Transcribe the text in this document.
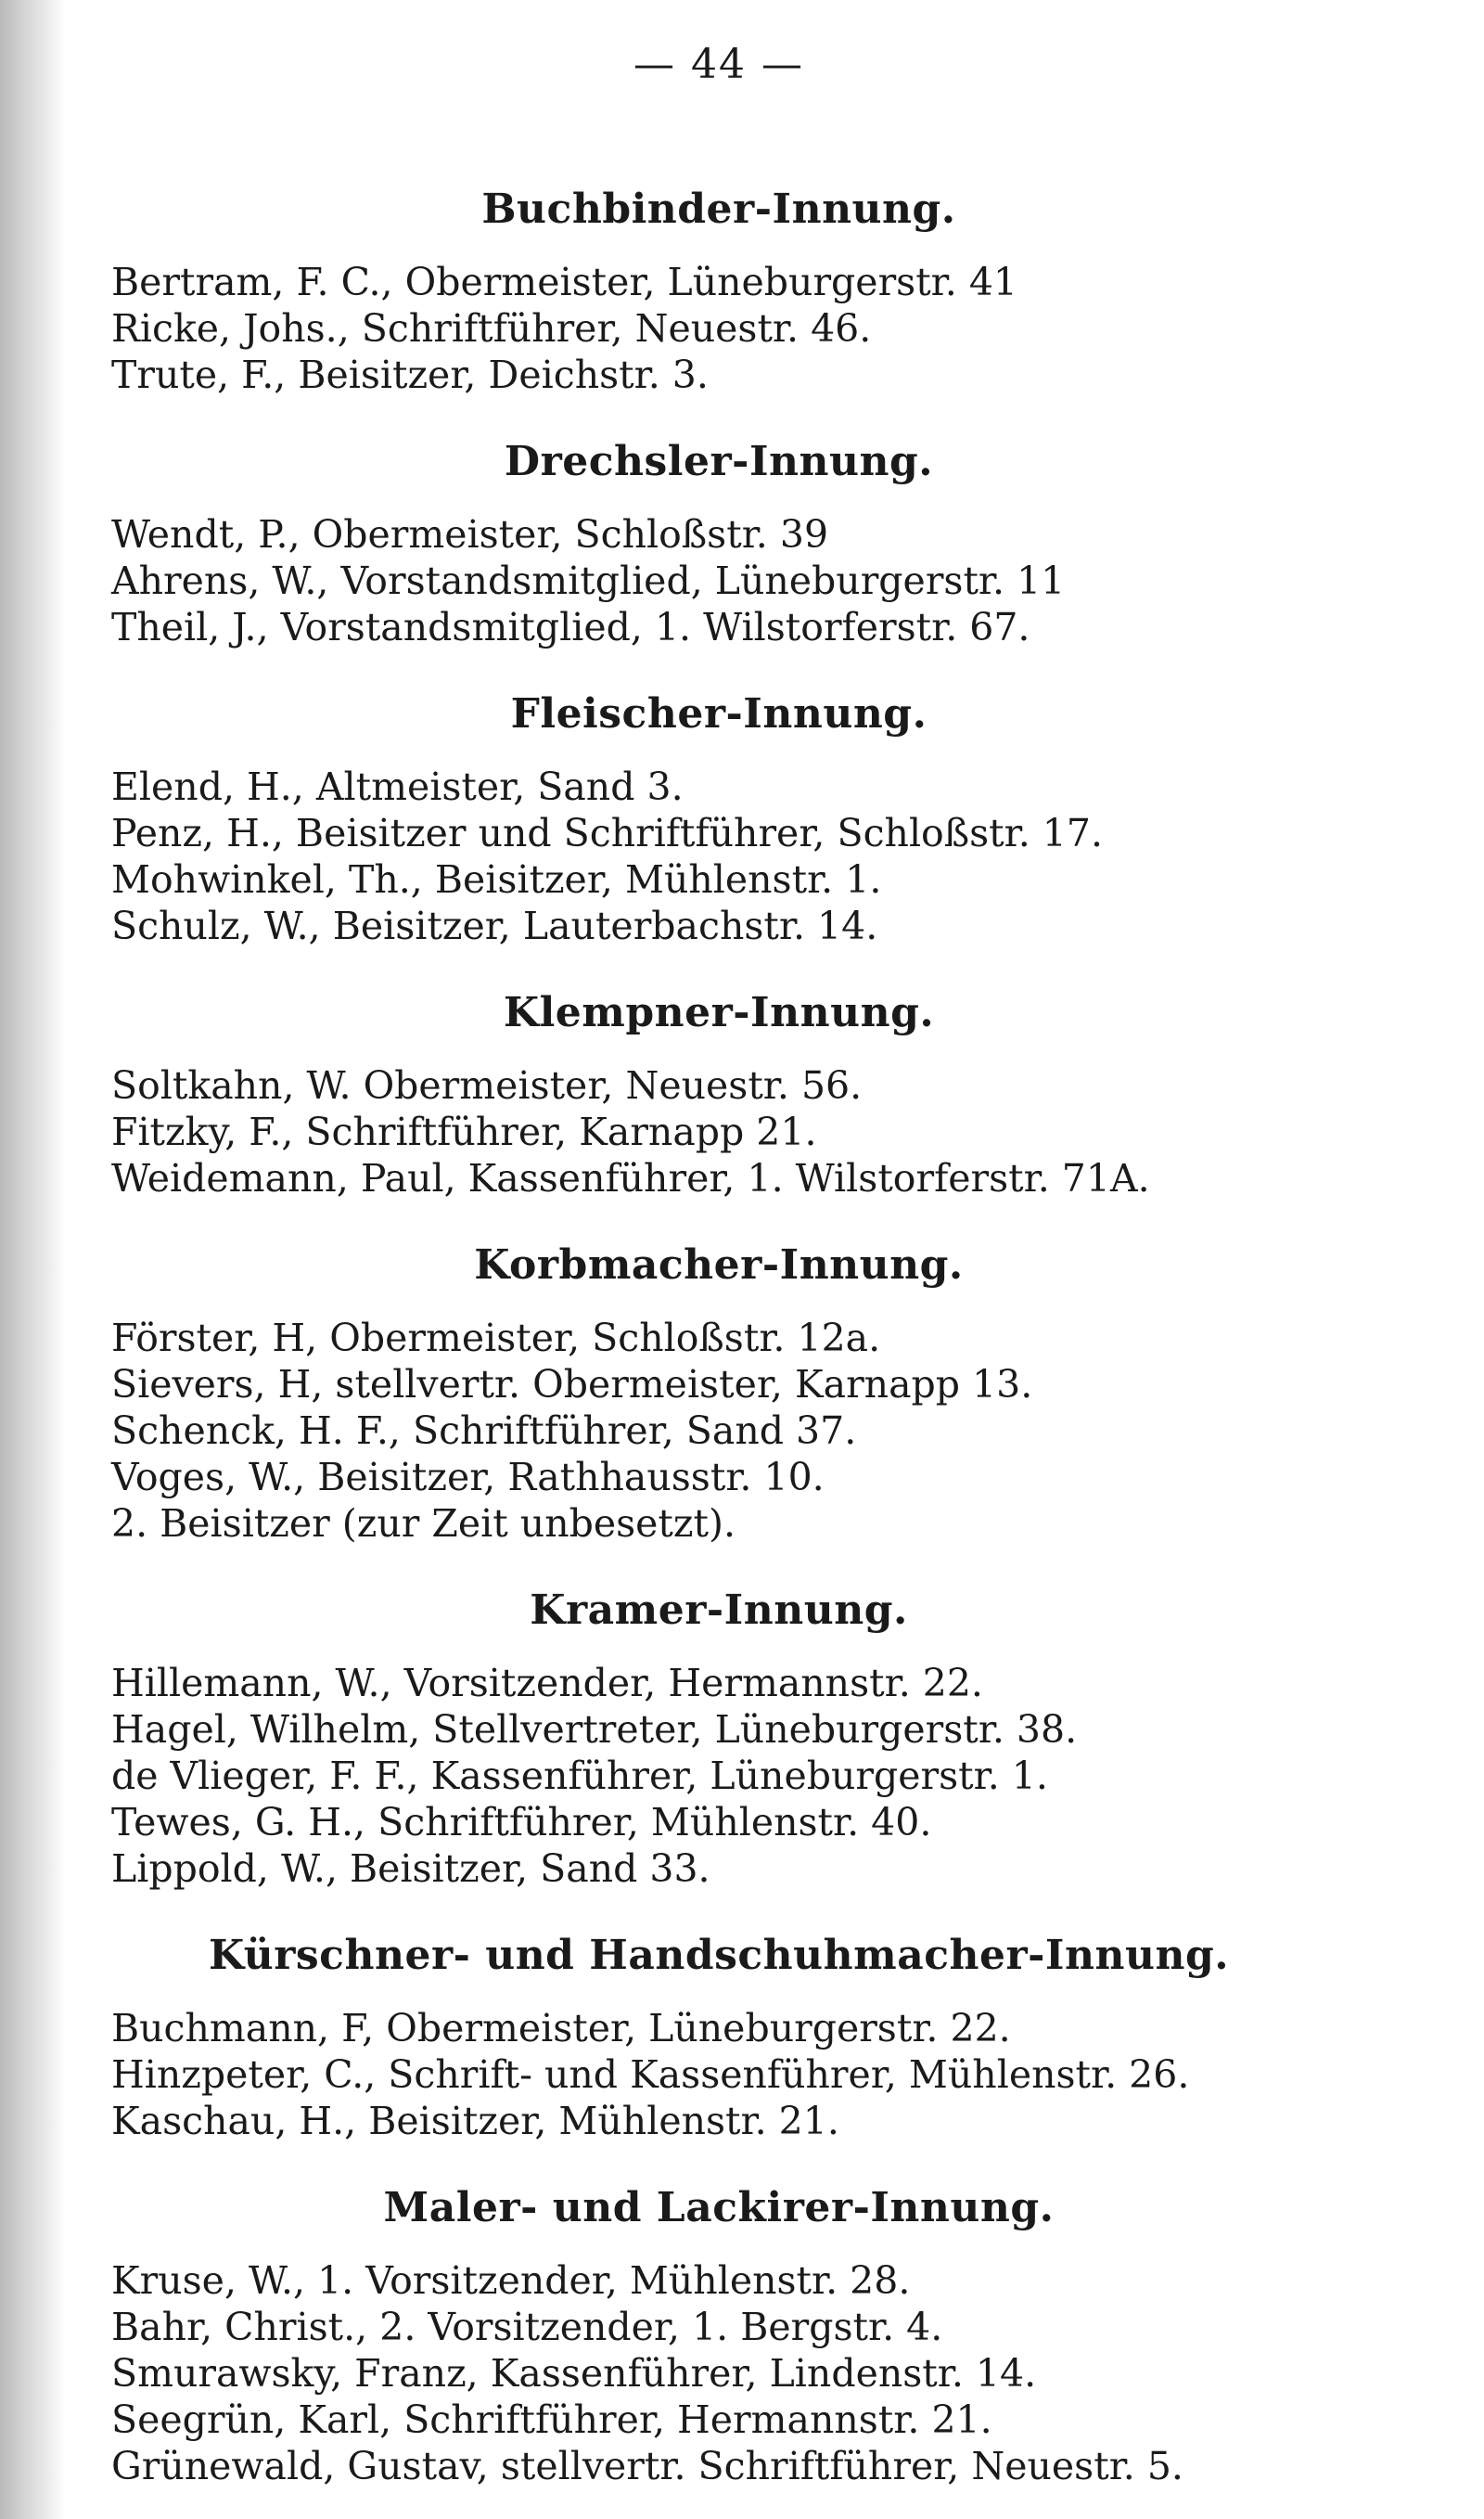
— 44 —
Buchbinder-Innung.
Bertram, F. C., Obermeister, Lüneburgerstr. 41
Ricke, Johs., Schriftführer, Neuestr. 46.
Trute, F., Beisitzer, Deichstr. 3.
Drechsler-Innung.
Wendt, P., Obermeister, Schloßstr. 39
Ahrens, W., Vorstandsmitglied, Lüneburgerstr. 11
Theil, J., Vorstandsmitglied, 1. Wilstorferstr. 67.
Fleischer-Innung.
Elend, H., Altmeister, Sand 3.
Penz, H., Beisitzer und Schriftführer, Schloßstr. 17.
Mohwinkel, Th., Beisitzer, Mühlenstr. 1.
Schulz, W., Beisitzer, Lauterbachstr. 14.
Klempner-Innung.
Soltkahn, W. Obermeister, Neuestr. 56.
Fitzky, F., Schriftführer, Karnapp 21.
Weidemann, Paul, Kassenführer, 1. Wilstorferstr. 71A.
Korbmacher-Innung.
Förster, H, Obermeister, Schloßstr. 12a.
Sievers, H, stellvertr. Obermeister, Karnapp 13.
Schenck, H. F., Schriftführer, Sand 37.
Voges, W., Beisitzer, Rathhausstr. 10.
2. Beisitzer (zur Zeit unbesetzt).
Kramer-Innung.
Hillemann, W., Vorsitzender, Hermannstr. 22.
Hagel, Wilhelm, Stellvertreter, Lüneburgerstr. 38.
de Vlieger, F. F., Kassenführer, Lüneburgerstr. 1.
Tewes, G. H., Schriftführer, Mühlenstr. 40.
Lippold, W., Beisitzer, Sand 33.
Kürschner- und Handschuhmacher-Innung.
Buchmann, F, Obermeister, Lüneburgerstr. 22.
Hinzpeter, C., Schrift- und Kassenführer, Mühlenstr. 26.
Kaschau, H., Beisitzer, Mühlenstr. 21.
Maler- und Lackirer-Innung.
Kruse, W., 1. Vorsitzender, Mühlenstr. 28.
Bahr, Christ., 2. Vorsitzender, 1. Bergstr. 4.
Smurawsky, Franz, Kassenführer, Lindenstr. 14.
Seegrün, Karl, Schriftführer, Hermannstr. 21.
Grünewald, Gustav, stellvertr. Schriftführer, Neuestr. 5.
